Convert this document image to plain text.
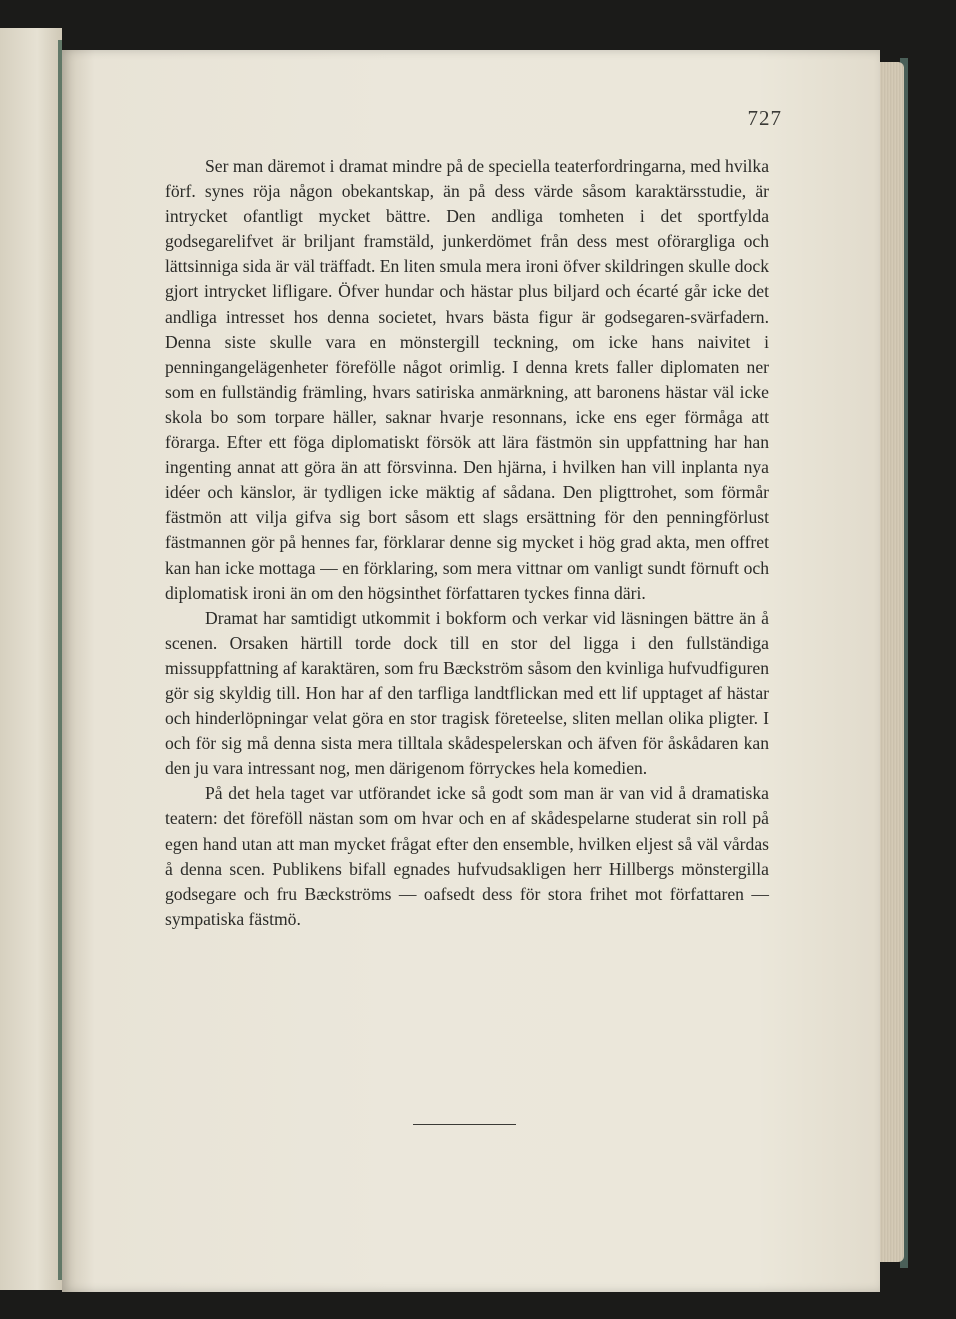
727

Ser man däremot i dramat mindre på de speciella teaterfordringarna, med hvilka förf. synes röja någon obekantskap, än på dess värde såsom karaktärsstudie, är intrycket ofantligt mycket bättre. Den andliga tomheten i det sportfylda godsegarelifvet är briljant framstäld, junkerdömet från dess mest oförargliga och lättsinniga sida är väl träffadt. En liten smula mera ironi öfver skildringen skulle dock gjort intrycket lifligare. Öfver hundar och hästar plus biljard och écarté går icke det andliga intresset hos denna societet, hvars bästa figur är godsegaren-svärfadern. Denna siste skulle vara en mönstergill teckning, om icke hans naivitet i penningangelägenheter förefölle något orimlig. I denna krets faller diplomaten ner som en fullständig främling, hvars satiriska anmärkning, att baronens hästar väl icke skola bo som torpare häller, saknar hvarje resonnans, icke ens eger förmåga att förarga. Efter ett föga diplomatiskt försök att lära fästmön sin uppfattning har han ingenting annat att göra än att försvinna. Den hjärna, i hvilken han vill inplanta nya idéer och känslor, är tydligen icke mäktig af sådana. Den pligttrohet, som förmår fästmön att vilja gifva sig bort såsom ett slags ersättning för den penningförlust fästmannen gör på hennes far, förklarar denne sig mycket i hög grad akta, men offret kan han icke mottaga — en förklaring, som mera vittnar om vanligt sundt förnuft och diplomatisk ironi än om den högsinthet författaren tyckes finna däri.

Dramat har samtidigt utkommit i bokform och verkar vid läsningen bättre än å scenen. Orsaken härtill torde dock till en stor del ligga i den fullständiga missuppfattning af karaktären, som fru Bæckström såsom den kvinliga hufvudfiguren gör sig skyldig till. Hon har af den tarfliga landtflickan med ett lif upptaget af hästar och hinderlöpningar velat göra en stor tragisk företeelse, sliten mellan olika pligter. I och för sig må denna sista mera tilltala skådespelerskan och äfven för åskådaren kan den ju vara intressant nog, men därigenom förryckes hela komedien.

På det hela taget var utförandet icke så godt som man är van vid å dramatiska teatern: det föreföll nästan som om hvar och en af skådespelarne studerat sin roll på egen hand utan att man mycket frågat efter den ensemble, hvilken eljest så väl vårdas å denna scen. Publikens bifall egnades hufvudsakligen herr Hillbergs mönstergilla godsegare och fru Bæckströms — oafsedt dess för stora frihet mot författaren — sympatiska fästmö.
